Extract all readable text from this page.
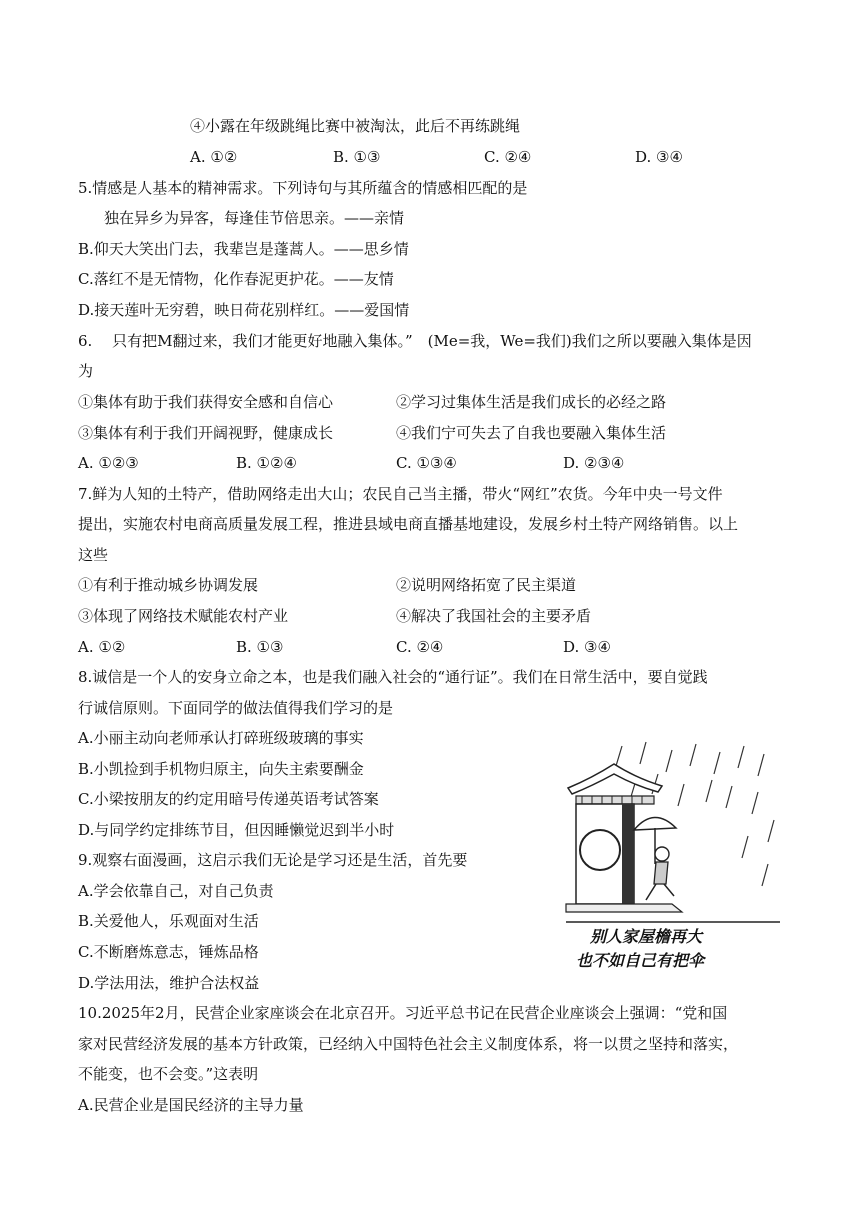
④小露在年级跳绳比赛中被淘汰，此后不再练跳绳
A. ①②	B. ①③	C. ②④	D. ③④
5.情感是人基本的精神需求。下列诗句与其所蕴含的情感相匹配的是
独在异乡为异客，每逢佳节倍思亲。——亲情
B.仰天大笑出门去，我辈岂是蓬蒿人。——思乡情
C.落红不是无情物，化作春泥更护花。——友情
D.接天莲叶无穷碧，映日荷花别样红。——爱国情
6.　 只有把M翻过来，我们才能更好地融入集体。”　(Me=我，We=我们)我们之所以要融入集体是因
为
①集体有助于我们获得安全感和自信心	②学习过集体生活是我们成长的必经之路
③集体有利于我们开阔视野，健康成长	④我们宁可失去了自我也要融入集体生活
A. ①②③	B. ①②④	C. ①③④	D. ②③④
7.鲜为人知的土特产，借助网络走出大山；农民自己当主播，带火“网红”农货。今年中央一号文件
提出，实施农村电商高质量发展工程，推进县域电商直播基地建设，发展乡村土特产网络销售。以上
这些
①有利于推动城乡协调发展	②说明网络拓宽了民主渠道
③体现了网络技术赋能农村产业	④解决了我国社会的主要矛盾
A. ①②	B. ①③	C. ②④	D. ③④
8.诚信是一个人的安身立命之本，也是我们融入社会的“通行证”。我们在日常生活中，要自觉践
行诚信原则。下面同学的做法值得我们学习的是
A.小丽主动向老师承认打碎班级玻璃的事实
B.小凯捡到手机物归原主，向失主索要酬金
C.小梁按朋友的约定用暗号传递英语考试答案
D.与同学约定排练节目，但因睡懒觉迟到半小时
9.观察右面漫画，这启示我们无论是学习还是生活，首先要
A.学会依靠自己，对自己负责
B.关爱他人，乐观面对生活
C.不断磨炼意志，锤炼品格
D.学法用法，维护合法权益
别人家屋檐再大
也不如自己有把伞
10.2025年2月，民营企业家座谈会在北京召开。习近平总书记在民营企业座谈会上强调：“党和国
家对民营经济发展的基本方针政策，已经纳入中国特色社会主义制度体系，将一以贯之坚持和落实，
不能变，也不会变。”这表明
A.民营企业是国民经济的主导力量
